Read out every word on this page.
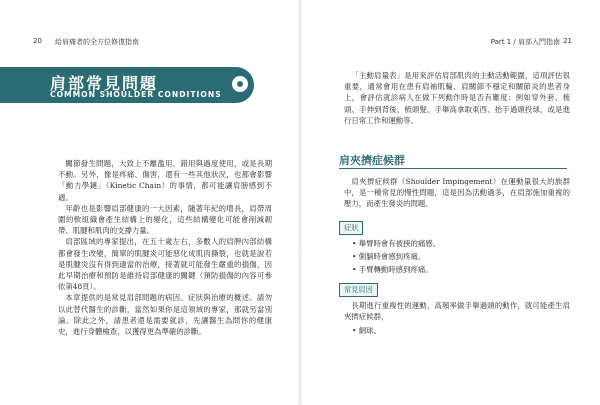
20 給肩痛者的全方位修復指南
肩部常見問題
COMMON SHOULDER CONDITIONS

關節發生問題，大致上不離濫用、錯用與過度使用，或是長期不動。另外，像是疼痛、傷害，還有一些其他狀況，也都會影響「動力學鏈」（Kinetic Chain）的事情，都可能讓肩膀感到不適。

年齡也是影響肩部健康的一大因素，隨著年紀的增長，肩帶周圍的軟組織會產生結構上的變化，這些結構變化可能會削減韌帶、肌腱和肌肉的支撐力量。

肩部區域的專家提出，在五十歲左右，多數人的肩胛內部結構都會發生改變，簡單的肌腱炎可能惡化成肌肉撕裂，也就是說若是肌腱炎沒有得到適當的治療，接著就可能發生嚴重的損傷，因此早期治療和預防是維持肩部健康的關鍵（預防損傷的內容可參依第48頁）。

本章提供的是常見肩部問題的病因、症狀與治療的概述。請勿以此替代醫生的診斷，當然如果你是這領域的專家，那就另當別論。除此之外，請患者還是需要就診，先讓醫生為問你的健康史，進行身體檢查，以獲得更為準確的診斷。

Part 1 / 肩部入門指南 21

「主動肩量表」是用來評估肩部肌肉的主動活動範圍，這項評估很重要，通常會用在患有肩袖肌輪、肩關節不穩定和關節炎的患者身上，會評估就診病人在做下列動作時是否有難度：例如穿外套、梳頭、手伸到背後、梳頭髮、手舉高拿取東西、抬手過頭投球，或是進行日常工作和運動等。

肩夾擠症候群

肩夾擠症候群（Shoulder Impingement）在運動量很大的族群中，是一種常見的慢性問題，這是因為活動過多，在肩部施加重複的壓力，而產生發炎的問題。

症狀
• 舉臂時會有被挾的痛感。
• 側躺時會感到疼痛。
• 手臂轉動時感到疼痛。
常見肩因

長期進行重複性的運動、高頻率做手舉過頭的動作，就可能產生肩夾擠症候群，

• 網球。
